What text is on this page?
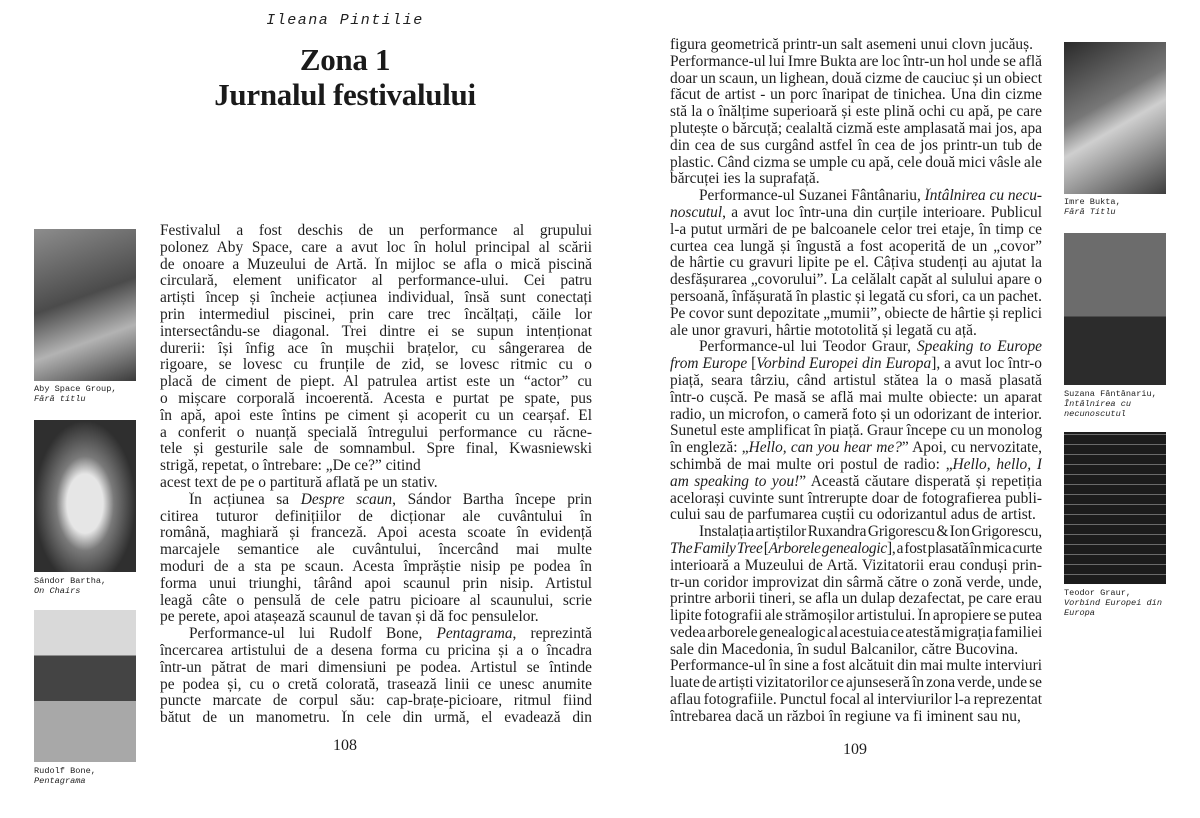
Ileana Pintilie
Zona 1
Jurnalul festivalului
Aby Space Group,
Fără titlu
Sándor Bartha,
On Chairs
Rudolf Bone,
Pentagrama
Festivalul a fost deschis de un performance al grupului
polonez Aby Space, care a avut loc în holul principal al scării
de onoare a Muzeului de Artă. În mijloc se afla o mică piscină
circulară, element unificator al performance-ului. Cei patru
artiști încep și încheie acțiunea individual, însă sunt conectați
prin intermediul piscinei, prin care trec încălțați, căile lor
intersectându-se diagonal. Trei dintre ei se supun intenționat
durerii: își înfig ace în mușchii brațelor, cu sângerarea de
rigoare, se lovesc cu frunțile de zid, se lovesc ritmic cu o
placă de ciment de piept. Al patrulea artist este un “actor” cu
o mișcare corporală incoerentă. Acesta e purtat pe spate, pus
în apă, apoi este întins pe ciment și acoperit cu un cearșaf. El
a conferit o nuanță specială întregului performance cu răcne-
tele și gesturile sale de somnambul. Spre final, Kwasniewski
strigă, repetat, o întrebare: „De ce?” citind
acest text de pe o partitură aflată pe un stativ.
În acțiunea sa Despre scaun, Sándor Bartha începe prin
citirea tuturor definițiilor de dicționar ale cuvântului în
română, maghiară și franceză. Apoi acesta scoate în evidență
marcajele semantice ale cuvântului, încercând mai multe
moduri de a sta pe scaun. Acesta împrăștie nisip pe podea în
forma unui triunghi, târând apoi scaunul prin nisip. Artistul
leagă câte o pensulă de cele patru picioare al scaunului, scrie
pe perete, apoi atașează scaunul de tavan și dă foc pensulelor.
Performance-ul lui Rudolf Bone, Pentagrama, reprezintă
încercarea artistului de a desena forma cu pricina și a o încadra
într-un pătrat de mari dimensiuni pe podea. Artistul se întinde
pe podea și, cu o cretă colorată, trasează linii ce unesc anumite
puncte marcate de corpul său: cap-brațe-picioare, ritmul fiind
bătut de un manometru. În cele din urmă, el evadează din
108
figura geometrică printr-un salt asemeni unui clovn jucăuș.
Performance-ul lui Imre Bukta are loc într-un hol unde se află
doar un scaun, un lighean, două cizme de cauciuc și un obiect
făcut de artist - un porc înaripat de tinichea. Una din cizme
stă la o înălțime superioară și este plină ochi cu apă, pe care
plutește o bărcuță; cealaltă cizmă este amplasată mai jos, apa
din cea de sus curgând astfel în cea de jos printr-un tub de
plastic. Când cizma se umple cu apă, cele două mici vâsle ale
bărcuței ies la suprafață.
Performance-ul Suzanei Fântânariu, Întâlnirea cu necu-
noscutul, a avut loc într-una din curțile interioare. Publicul
l-a putut urmări de pe balcoanele celor trei etaje, în timp ce
curtea cea lungă și îngustă a fost acoperită de un „covor”
de hârtie cu gravuri lipite pe el. Câțiva studenți au ajutat la
desfășurarea „covorului”. La celălalt capăt al sulului apare o
persoană, înfășurată în plastic și legată cu sfori, ca un pachet.
Pe covor sunt depozitate „mumii”, obiecte de hârtie și replici
ale unor gravuri, hârtie mototolită și legată cu ață.
Performance-ul lui Teodor Graur, Speaking to Europe
from Europe [Vorbind Europei din Europa], a avut loc într-o
piață, seara târziu, când artistul stătea la o masă plasată
într-o cușcă. Pe masă se află mai multe obiecte: un aparat
radio, un microfon, o cameră foto și un odorizant de interior.
Sunetul este amplificat în piață. Graur începe cu un monolog
în engleză: „Hello, can you hear me?” Apoi, cu nervozitate,
schimbă de mai multe ori postul de radio: „Hello, hello, I
am speaking to you!” Această căutare disperată și repetiția
acelorași cuvinte sunt întrerupte doar de fotografierea publi-
cului sau de parfumarea cuștii cu odorizantul adus de artist.
Instalația artiștilor Ruxandra Grigorescu & Ion Grigorescu,
The Family Tree [Arborele genealogic], a fost plasată în mica curte
interioară a Muzeului de Artă. Vizitatorii erau conduși prin-
tr-un coridor improvizat din sârmă către o zonă verde, unde,
printre arborii tineri, se afla un dulap dezafectat, pe care erau
lipite fotografii ale strămoșilor artistului. În apropiere se putea
vedea arborele genealogic al acestuia ce atestă migrația familiei
sale din Macedonia, în sudul Balcanilor, către Bucovina.
Performance-ul în sine a fost alcătuit din mai multe interviuri
luate de artiști vizitatorilor ce ajunseseră în zona verde, unde se
aflau fotografiile. Punctul focal al interviurilor l-a reprezentat
întrebarea dacă un război în regiune va fi iminent sau nu,
Imre Bukta,
Fără Titlu
Suzana Fântânariu,
Întâlnirea cu necunoscutul
Teodor Graur,
Vorbind Europei din Europa
109
